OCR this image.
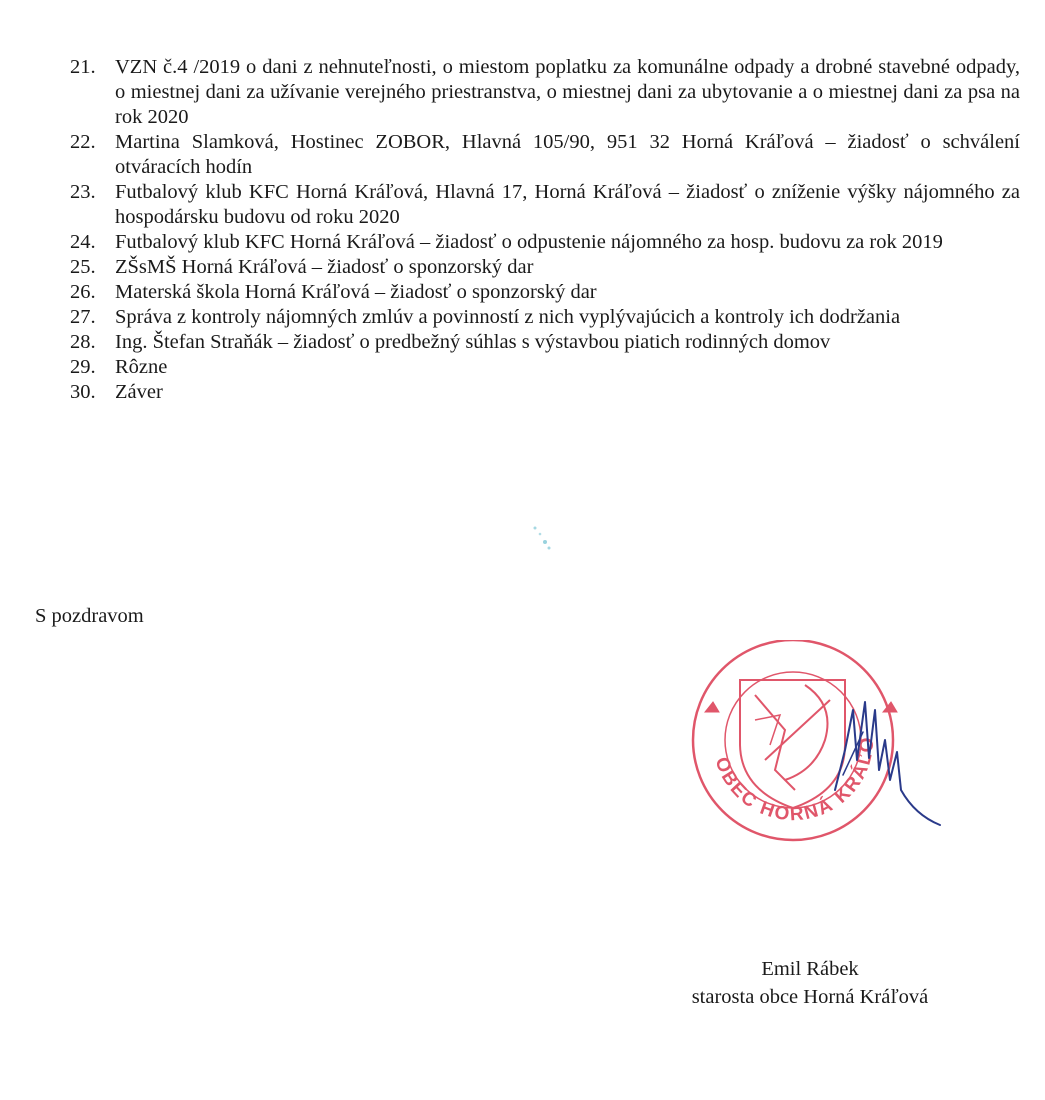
21. VZN č.4 /2019 o dani z nehnuteľnosti, o miestom poplatku za komunálne odpady a drobné stavebné odpady, o miestnej dani za užívanie verejného priestranstva, o miestnej dani za ubytovanie a o miestnej dani za psa na rok 2020
22. Martina Slamková, Hostinec ZOBOR, Hlavná 105/90, 951 32 Horná Kráľová – žiadosť o schválení otváracích hodín
23. Futbalový klub KFC Horná Kráľová, Hlavná 17, Horná Kráľová – žiadosť o zníženie výšky nájomného za hospodársku budovu od roku 2020
24. Futbalový klub KFC Horná Kráľová – žiadosť o odpustenie nájomného za hosp. budovu za rok 2019
25. ZŠsMŠ Horná Kráľová – žiadosť o sponzorský dar
26. Materská škola Horná Kráľová – žiadosť o sponzorský dar
27. Správa z kontroly nájomných zmlúv a povinností z nich vyplývajúcich a kontroly ich dodržania
28. Ing. Štefan Straňák – žiadosť o predbežný súhlas s výstavbou piatich rodinných domov
29. Rôzne
30. Záver
S pozdravom
OBEC HORNÁ KRÁĽO
Emil Rábek
starosta obce Horná Kráľová
